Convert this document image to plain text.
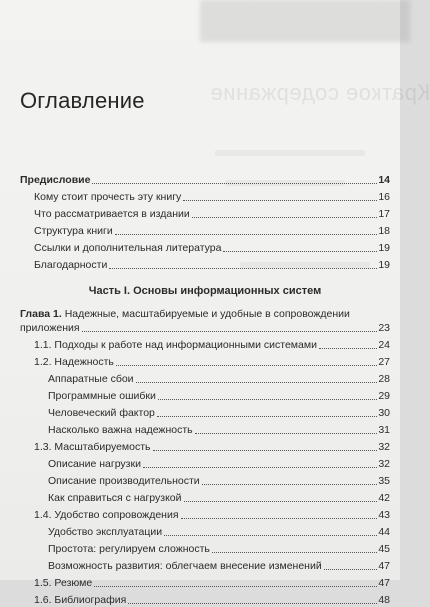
Краткое содержание
Оглавление
Предисловие	14
Кому стоит прочесть эту книгу	16
Что рассматривается в издании	17
Структура книги	18
Ссылки и дополнительная литература	19
Благодарности	19
Часть I. Основы информационных систем
Глава 1. Надежные, масштабируемые и удобные в сопровождении
приложения	23
1.1. Подходы к работе над информационными системами	24
1.2. Надежность	27
Аппаратные сбои	28
Программные ошибки	29
Человеческий фактор	30
Насколько важна надежность	31
1.3. Масштабируемость	32
Описание нагрузки	32
Описание производительности	35
Как справиться с нагрузкой	42
1.4. Удобство сопровождения	43
Удобство эксплуатации	44
Простота: регулируем сложность	45
Возможность развития: облегчаем внесение изменений	47
1.5. Резюме	47
1.6. Библиография	48
